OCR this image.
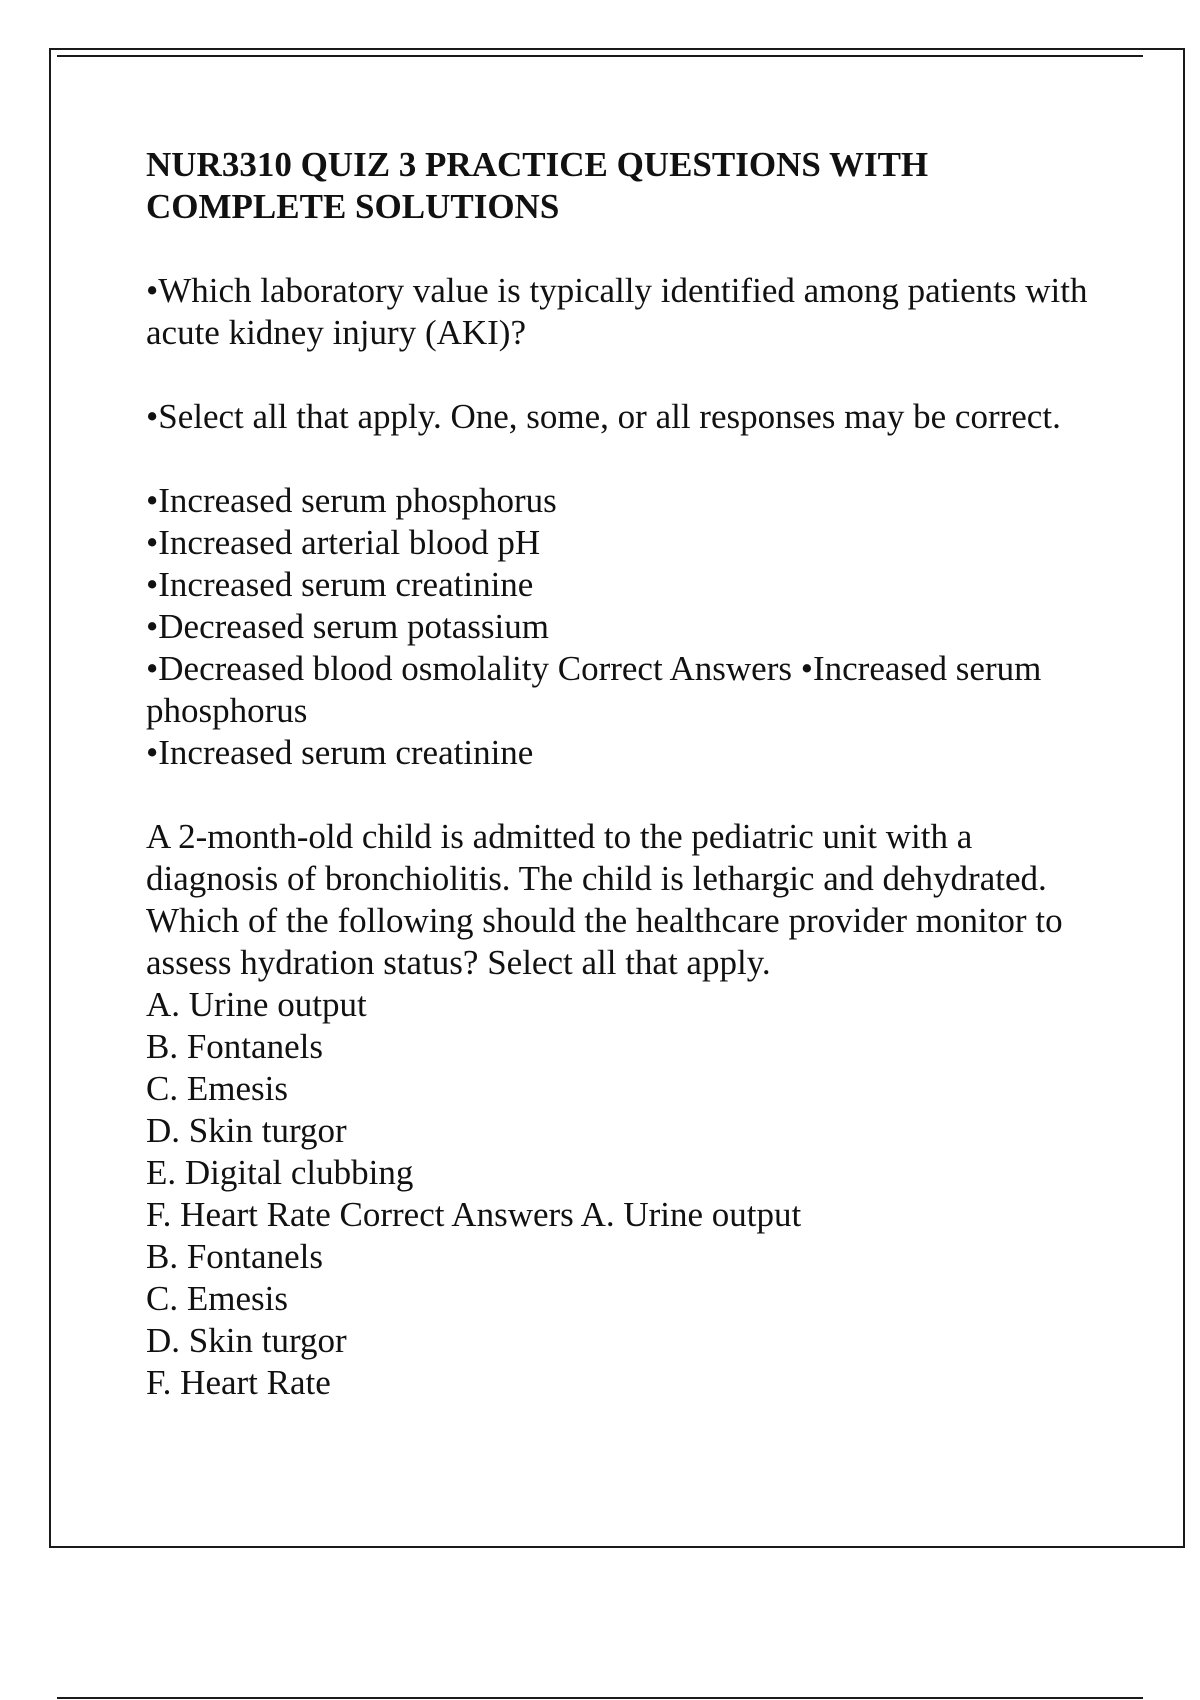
NUR3310 QUIZ 3 PRACTICE QUESTIONS WITH COMPLETE SOLUTIONS

•Which laboratory value is typically identified among patients with acute kidney injury (AKI)?

•Select all that apply. One, some, or all responses may be correct.

•Increased serum phosphorus
•Increased arterial blood pH
•Increased serum creatinine
•Decreased serum potassium
•Decreased blood osmolality Correct Answers •Increased serum phosphorus
•Increased serum creatinine
A 2-month-old child is admitted to the pediatric unit with a diagnosis of bronchiolitis. The child is lethargic and dehydrated. Which of the following should the healthcare provider monitor to assess hydration status? Select all that apply.
A. Urine output
B. Fontanels
C. Emesis
D. Skin turgor
E. Digital clubbing
F. Heart Rate Correct Answers A. Urine output
B. Fontanels
C. Emesis
D. Skin turgor
F. Heart Rate
